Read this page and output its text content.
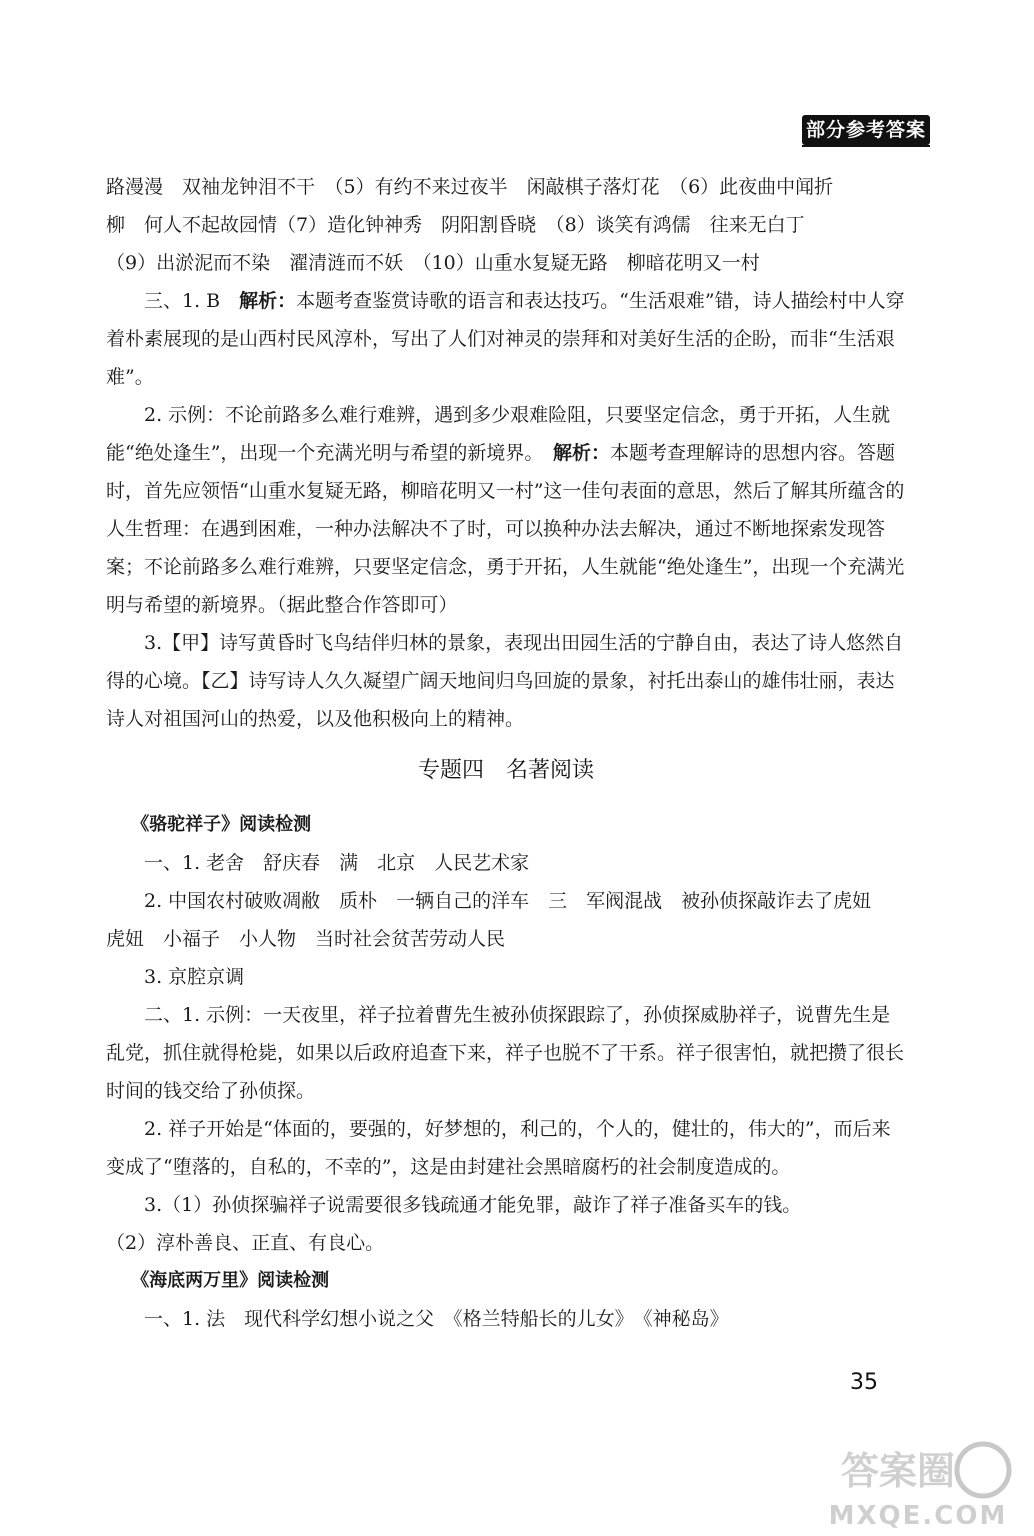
部分参考答案

路漫漫　双袖龙钟泪不干　（5）有约不来过夜半　闲敲棋子落灯花　（6）此夜曲中闻折

柳　何人不起故园情（7）造化钟神秀　阴阳割昏晓　（8）谈笑有鸿儒　往来无白丁

（9）出淤泥而不染　濯清涟而不妖　（10）山重水复疑无路　柳暗花明又一村

三、1. B　解析：本题考查鉴赏诗歌的语言和表达技巧。“生活艰难”错，诗人描绘村中人穿着朴素展现的是山西村民风淳朴，写出了人们对神灵的崇拜和对美好生活的企盼，而非“生活艰难”。

2. 示例：不论前路多么难行难辨，遇到多少艰难险阻，只要坚定信念，勇于开拓，人生就能“绝处逢生”，出现一个充满光明与希望的新境界。　解析：本题考查理解诗的思想内容。答题时，首先应领悟“山重水复疑无路，柳暗花明又一村”这一佳句表面的意思，然后了解其所蕴含的人生哲理：在遇到困难，一种办法解决不了时，可以换种办法去解决，通过不断地探索发现答案；不论前路多么难行难辨，只要坚定信念，勇于开拓，人生就能“绝处逢生”，出现一个充满光明与希望的新境界。（据此整合作答即可）

3.【甲】诗写黄昏时飞鸟结伴归林的景象，表现出田园生活的宁静自由，表达了诗人悠然自得的心境。【乙】诗写诗人久久凝望广阔天地间归鸟回旋的景象，衬托出泰山的雄伟壮丽，表达诗人对祖国河山的热爱，以及他积极向上的精神。

专题四　名著阅读

《骆驼祥子》阅读检测

一、1. 老舍　舒庆春　满　北京　人民艺术家

2. 中国农村破败凋敝　质朴　一辆自己的洋车　三　军阀混战　被孙侦探敲诈去了虎妞　虎妞　小福子　小人物　当时社会贫苦劳动人民

3. 京腔京调

二、1. 示例：一天夜里，祥子拉着曹先生被孙侦探跟踪了，孙侦探威胁祥子，说曹先生是乱党，抓住就得枪毙，如果以后政府追查下来，祥子也脱不了干系。祥子很害怕，就把攒了很长时间的钱交给了孙侦探。

2. 祥子开始是“体面的，要强的，好梦想的，利己的，个人的，健壮的，伟大的”，而后来变成了“堕落的，自私的，不幸的”，这是由封建社会黑暗腐朽的社会制度造成的。

3.（1）孙侦探骗祥子说需要很多钱疏通才能免罪，敲诈了祥子准备买车的钱。

（2）淳朴善良、正直、有良心。

《海底两万里》阅读检测

一、1. 法　现代科学幻想小说之父　《格兰特船长的儿女》　《神秘岛》

35
答案圈
MXQE.COM
